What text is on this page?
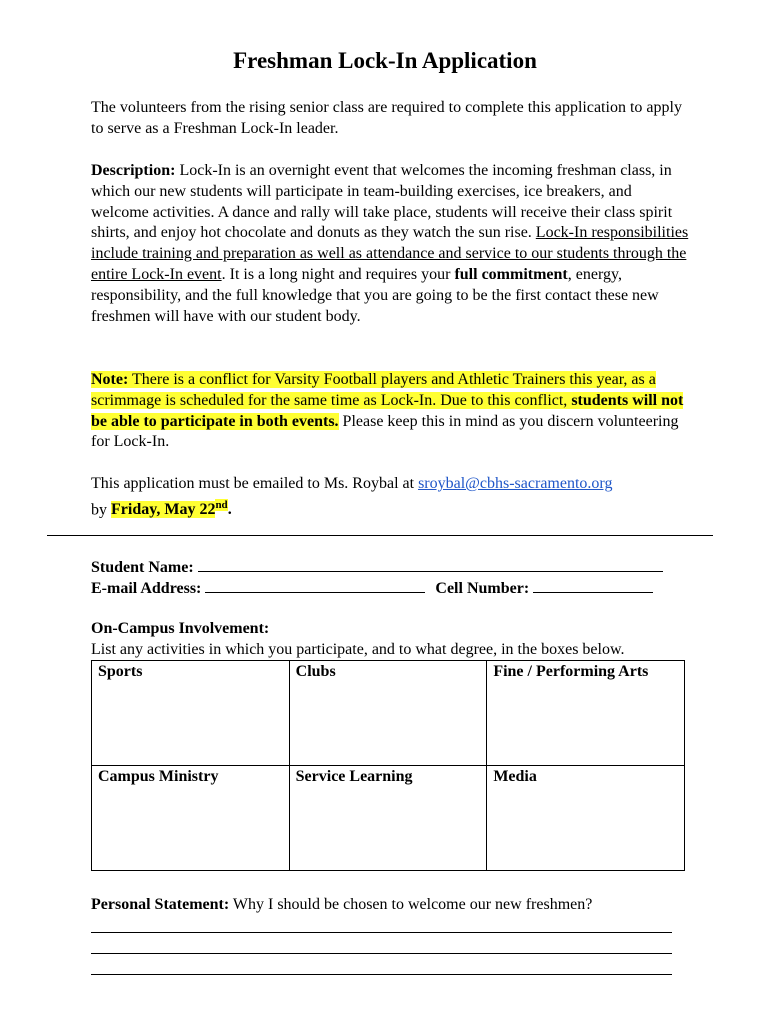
Freshman Lock-In Application
The volunteers from the rising senior class are required to complete this application to apply to serve as a Freshman Lock-In leader.
Description: Lock-In is an overnight event that welcomes the incoming freshman class, in which our new students will participate in team-building exercises, ice breakers, and welcome activities. A dance and rally will take place, students will receive their class spirit shirts, and enjoy hot chocolate and donuts as they watch the sun rise. Lock-In responsibilities include training and preparation as well as attendance and service to our students through the entire Lock-In event. It is a long night and requires your full commitment, energy, responsibility, and the full knowledge that you are going to be the first contact these new freshmen will have with our student body.
Note: There is a conflict for Varsity Football players and Athletic Trainers this year, as a scrimmage is scheduled for the same time as Lock-In. Due to this conflict, students will not be able to participate in both events. Please keep this in mind as you discern volunteering for Lock-In.
This application must be emailed to Ms. Roybal at sroybal@cbhs-sacramento.org
by Friday, May 22nd.
Student Name:
E-mail Address:	Cell Number:
On-Campus Involvement:
List any activities in which you participate, and to what degree, in the boxes below.
Sports	Clubs	Fine / Performing Arts
Campus Ministry	Service Learning	Media
Personal Statement: Why I should be chosen to welcome our new freshmen?
